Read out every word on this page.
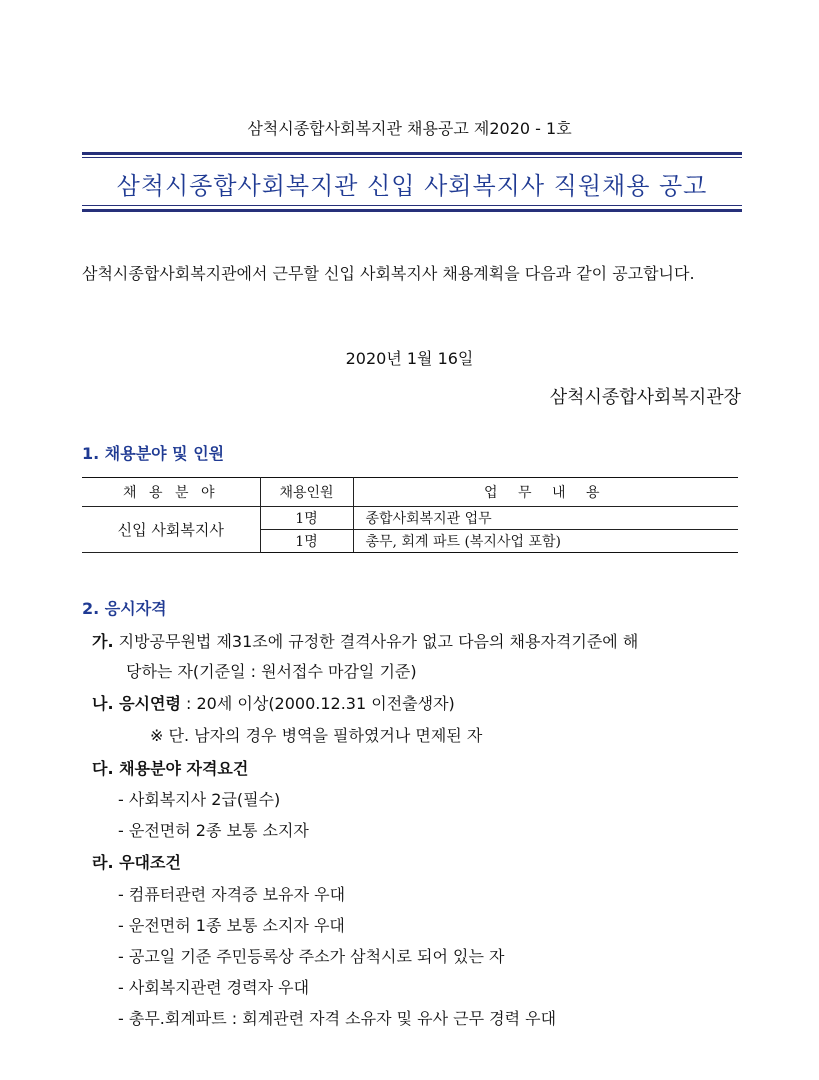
삼척시종합사회복지관 채용공고 제2020 - 1호
삼척시종합사회복지관 신입 사회복지사 직원채용 공고
삼척시종합사회복지관에서 근무할 신입 사회복지사 채용계획을 다음과 같이 공고합니다.
2020년 1월 16일
삼척시종합사회복지관장
1. 채용분야 및 인원
채 용 분 야	채용인원	업 무 내 용
신입 사회복지사	1명	종합사회복지관 업무
	1명	총무, 회계 파트 (복지사업 포함)
2. 응시자격
가. 지방공무원법 제31조에 규정한 결격사유가 없고 다음의 채용자격기준에 해
당하는 자(기준일 : 원서접수 마감일 기준)
나. 응시연령 : 20세 이상(2000.12.31 이전출생자)
※ 단. 남자의 경우 병역을 필하였거나 면제된 자
다. 채용분야 자격요건
- 사회복지사 2급(필수)
- 운전면허 2종 보통 소지자
라. 우대조건
- 컴퓨터관련 자격증 보유자 우대
- 운전면허 1종 보통 소지자 우대
- 공고일 기준 주민등록상 주소가 삼척시로 되어 있는 자
- 사회복지관련 경력자 우대
- 총무.회계파트 : 회계관련 자격 소유자 및 유사 근무 경력 우대
